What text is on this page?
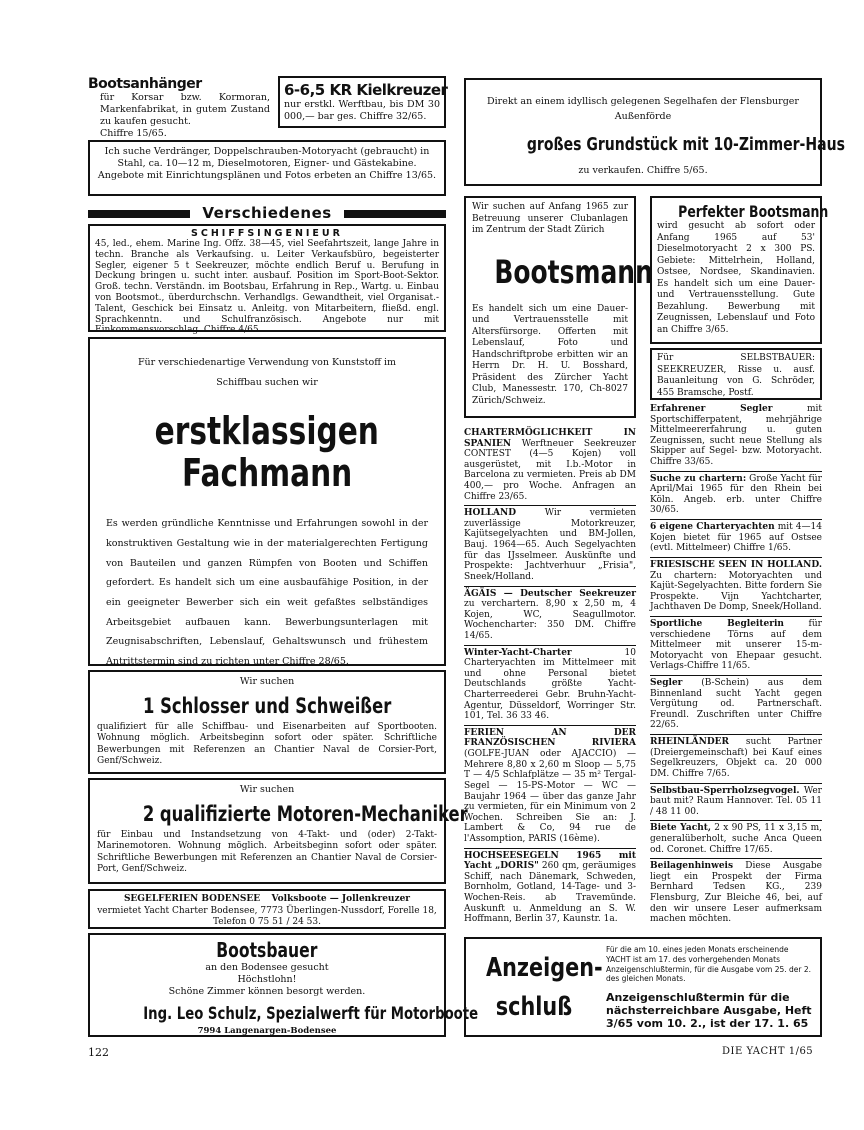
Bootsanhänger
für Korsar bzw. Kormoran, Markenfabrikat, in gutem Zustand zu kaufen gesucht.
Chiffre 15/65.
6-6,5 KR Kielkreuzer
nur erstkl. Werftbau, bis DM 30 000,— bar ges. Chiffre 32/65.
Ich suche Verdränger, Doppelschrauben-Motoryacht (gebraucht) in Stahl, ca. 10—12 m, Dieselmotoren, Eigner- und Gästekabine. Angebote mit Einrichtungsplänen und Fotos erbeten an Chiffre 13/65.
Verschiedenes
SCHIFFSINGENIEUR
45, led., ehem. Marine Ing. Offz. 38—45, viel Seefahrtszeit, lange Jahre in techn. Branche als Verkaufsing. u. Leiter Verkaufsbüro, begeisterter Segler, eigener 5 t Seekreuzer, möchte endlich Beruf u. Berufung in Deckung bringen u. sucht inter. ausbauf. Position im Sport-Boot-Sektor. Groß. techn. Verständn. im Bootsbau, Erfahrung in Rep., Wartg. u. Einbau von Bootsmot., überdurchschn. Verhandlgs. Gewandtheit, viel Organisat.-Talent, Geschick bei Einsatz u. Anleitg. von Mitarbeitern, fließd. engl. Sprachkenntn. und Schulfranzösisch. Angebote nur mit Einkommensvorschlag. Chiffre 4/65.
Für verschiedenartige Verwendung von Kunststoff im Schiffbau suchen wir
erstklassigen
Fachmann
Es werden gründliche Kenntnisse und Erfahrungen sowohl in der konstruktiven Gestaltung wie in der materialgerechten Fertigung von Bauteilen und ganzen Rümpfen von Booten und Schiffen gefordert. Es handelt sich um eine ausbaufähige Position, in der ein geeigneter Bewerber sich ein weit gefaßtes selbständiges Arbeitsgebiet aufbauen kann. Bewerbungsunterlagen mit Zeugnisabschriften, Lebenslauf, Gehaltswunsch und frühestem Antrittstermin sind zu richten unter Chiffre 28/65.
Wir suchen
1 Schlosser und Schweißer
qualifiziert für alle Schiffbau- und Eisenarbeiten auf Sportbooten. Wohnung möglich. Arbeitsbeginn sofort oder später. Schriftliche Bewerbungen mit Referenzen an Chantier Naval de Corsier-Port, Genf/Schweiz.
Wir suchen
2 qualifizierte Motoren-Mechaniker
für Einbau und Instandsetzung von 4-Takt- und (oder) 2-Takt-Marinemotoren. Wohnung möglich. Arbeitsbeginn sofort oder später. Schriftliche Bewerbungen mit Referenzen an Chantier Naval de Corsier-Port, Genf/Schweiz.
SEGELFERIEN BODENSEE Volksboote — Jollenkreuzer
vermietet Yacht Charter Bodensee, 7773 Überlingen-Nussdorf, Forelle 18, Telefon 0 75 51 / 24 53.
Bootsbauer
an den Bodensee gesucht
Höchstlohn!
Schöne Zimmer können besorgt werden.
Ing. Leo Schulz, Spezialwerft für Motorboote
7994 Langenargen-Bodensee
Direkt an einem idyllisch gelegenen Segelhafen der Flensburger Außenförde
großes Grundstück mit 10-Zimmer-Haus
zu verkaufen. Chiffre 5/65.
Wir suchen auf Anfang 1965 zur Betreuung unserer Clubanlagen im Zentrum der Stadt Zürich
Bootsmann
Es handelt sich um eine Dauer- und Vertrauensstelle mit Altersfürsorge. Offerten mit Lebenslauf, Foto und Handschriftprobe erbitten wir an Herrn Dr. H. U. Bosshard, Präsident des Zürcher Yacht Club, Manessestr. 170, Ch-8027 Zürich/Schweiz.
Perfekter Bootsmann
wird gesucht ab sofort oder Anfang 1965 auf 53' Dieselmotoryacht 2 x 300 PS. Gebiete: Mittelrhein, Holland, Ostsee, Nordsee, Skandinavien. Es handelt sich um eine Dauer- und Vertrauensstellung. Gute Bezahlung. Bewerbung mit Zeugnissen, Lebenslauf und Foto an Chiffre 3/65.
Für SELBSTBAUER: SEEKREUZER, Risse u. ausf. Bauanleitung von G. Schröder, 455 Bramsche, Postf.
CHARTERMÖGLICHKEIT IN SPANIEN Werftneuer Seekreuzer CONTEST (4—5 Kojen) voll ausgerüstet, mit I.b.-Motor in Barcelona zu vermieten. Preis ab DM 400,— pro Woche. Anfragen an Chiffre 23/65.
HOLLAND	Wir vermieten zuverlässige Motorkreuzer, Kajütsegelyachten und BM-Jollen, Bauj. 1964—65. Auch Segelyachten für das IJsselmeer. Auskünfte und Prospekte: Jachtverhuur „Frisia", Sneek/Holland.
ÄGÄIS — Deutscher Seekreuzer zu verchartern. 8,90 x 2,50 m, 4 Kojen, WC, Seagullmotor. Wochencharter: 350 DM. Chiffre 14/65.
Winter-Yacht-Charter	10 Charteryachten im Mittelmeer mit und ohne Personal bietet Deutschlands größte Yacht-Charterreederei Gebr. Bruhn-Yacht-Agentur, Düsseldorf, Worringer Str. 101, Tel. 36 33 46.
FERIEN AN DER FRANZÖSISCHEN RIVIERA (GOLFE-JUAN oder AJACCIO) — Mehrere 8,80 x 2,60 m Sloop — 5,75 T — 4/5 Schlafplätze — 35 m² Tergal-Segel — 15-PS-Motor — WC — Baujahr 1964 — über das ganze Jahr zu vermieten, für ein Minimum von 2 Wochen. Schreiben Sie an: J. Lambert & Co, 94 rue de l'Assomption, PARIS (16ème).
HOCHSEESEGELN 1965 mit Yacht „DORIS" 260 qm, geräumiges Schiff, nach Dänemark, Schweden, Bornholm, Gotland, 14-Tage- und 3-Wochen-Reis. ab Travemünde. Auskunft u. Anmeldung an S. W. Hoffmann, Berlin 37, Kaunstr. 1a.
Erfahrener Segler	mit Sportschifferpatent, mehrjährige Mittelmeererfahrung u. guten Zeugnissen, sucht neue Stellung als Skipper auf Segel- bzw. Motoryacht. Chiffre 33/65.
Suche zu chartern: Große Yacht für April/Mai 1965 für den Rhein bei Köln. Angeb. erb. unter Chiffre 30/65.
6 eigene Charteryachten mit 4—14 Kojen bietet für 1965 auf Ostsee (evtl. Mittelmeer) Chiffre 1/65.
FRIESISCHE SEEN IN HOLLAND. Zu chartern: Motoryachten und Kajüt-Segelyachten. Bitte fordern Sie Prospekte. Vijn Yachtcharter, Jachthaven De Domp, Sneek/Holland.
Sportliche Begleiterin	für verschiedene Törns auf dem Mittelmeer mit unserer 15-m-Motoryacht von Ehepaar gesucht. Verlags-Chiffre 11/65.
Segler (B-Schein) aus dem Binnenland sucht Yacht gegen Vergütung od. Partnerschaft. Freundl. Zuschriften unter Chiffre 22/65.
RHEINLÄNDER sucht Partner (Dreiergemeinschaft) bei Kauf eines Segelkreuzers, Objekt ca. 20 000 DM. Chiffre 7/65.
Selbstbau-Sperrholzsegvogel. Wer baut mit? Raum Hannover. Tel. 05 11 / 48 11 00.
Biete Yacht, 2 x 90 PS, 11 x 3,15 m, generalüberholt, suche Anca Queen od. Coronet. Chiffre 17/65.
Beilagenhinweis Diese Ausgabe liegt ein Prospekt der Firma Bernhard Tedsen KG., 239 Flensburg, Zur Bleiche 46, bei, auf den wir unsere Leser aufmerksam machen möchten.
Anzeigen-
schluß
Für die am 10. eines jeden Monats erscheinende YACHT ist am 17. des vorhergehenden Monats Anzeigenschlußtermin, für die Ausgabe vom 25. der 2. des gleichen Monats.
Anzeigenschlußtermin für die nächsterreichbare Ausgabe, Heft 3/65 vom 10. 2., ist der 17. 1. 65
122	DIE YACHT 1/65
